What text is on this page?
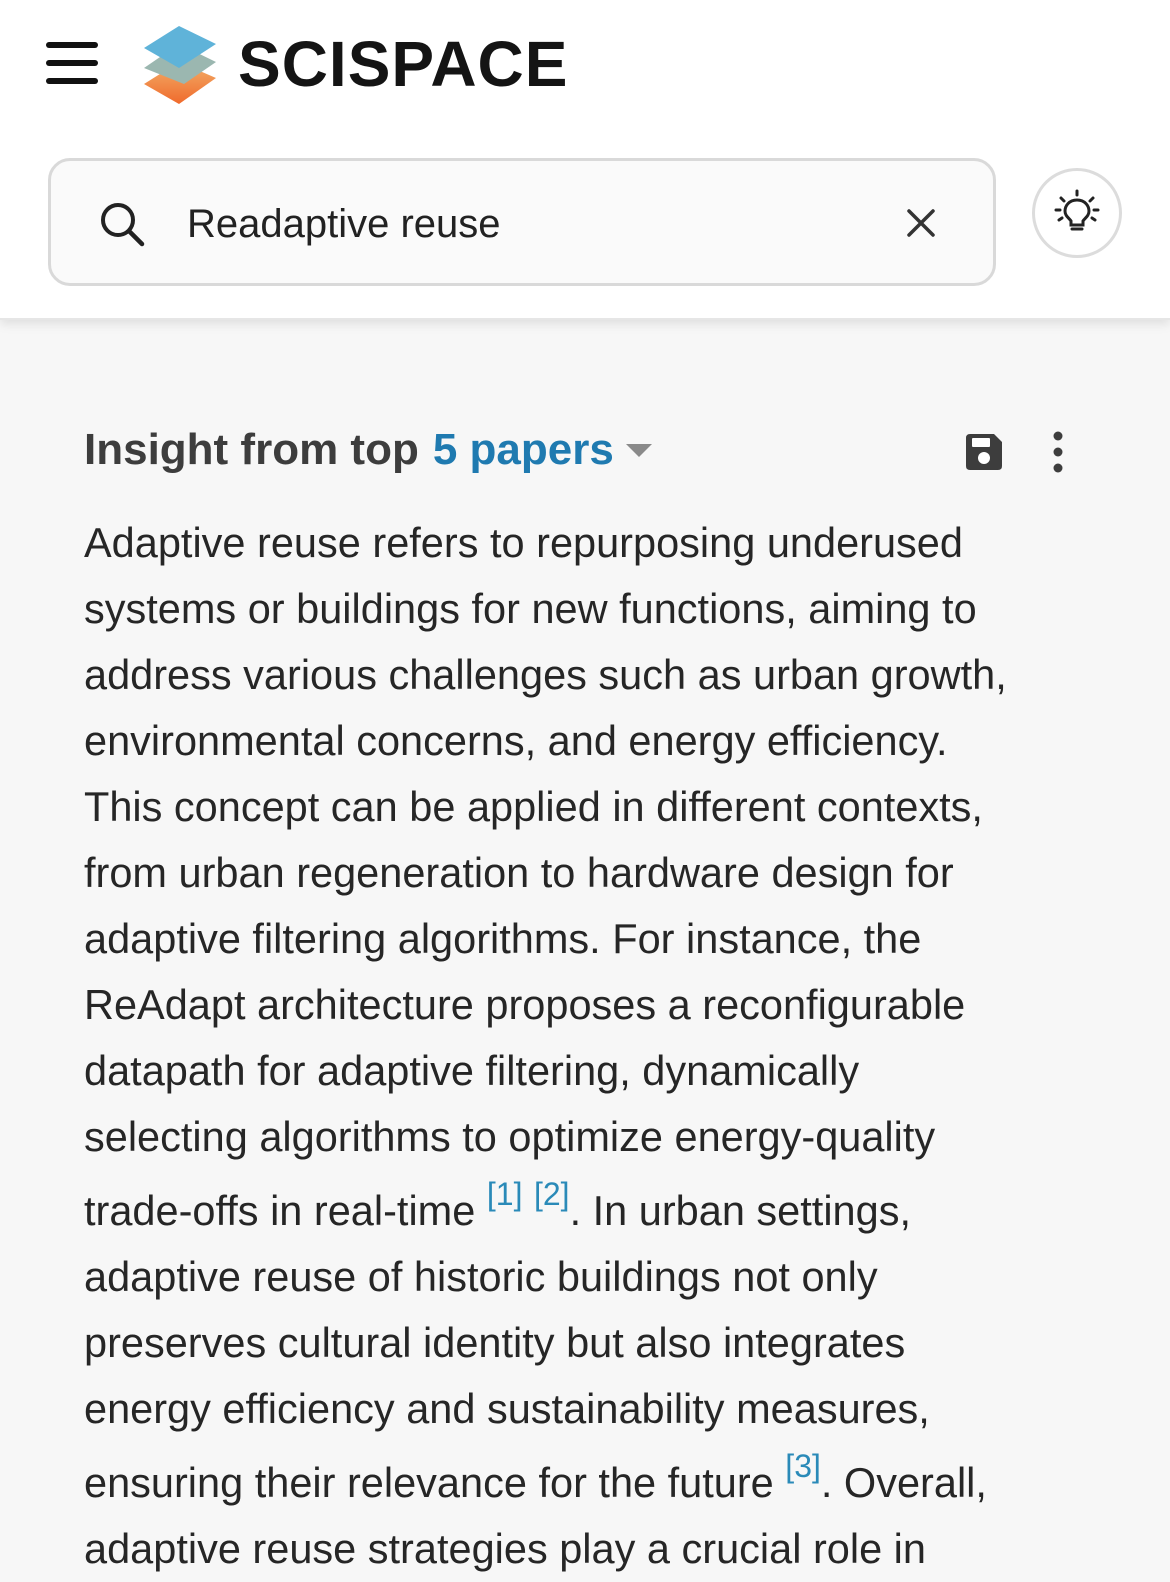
SCISPACE
Readaptive reuse
Insight from top 5 papers
Adaptive reuse refers to repurposing underused
systems or buildings for new functions, aiming to
address various challenges such as urban growth,
environmental concerns, and energy efficiency.
This concept can be applied in different contexts,
from urban regeneration to hardware design for
adaptive filtering algorithms. For instance, the
ReAdapt architecture proposes a reconfigurable
datapath for adaptive filtering, dynamically
selecting algorithms to optimize energy-quality
trade-offs in real-time [1] [2]. In urban settings,
adaptive reuse of historic buildings not only
preserves cultural identity but also integrates
energy efficiency and sustainability measures,
ensuring their relevance for the future [3]. Overall,
adaptive reuse strategies play a crucial role in
